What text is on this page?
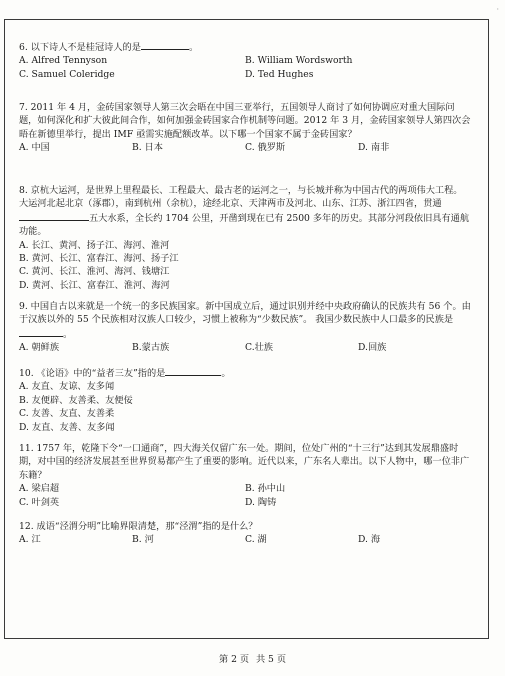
·

6. 以下诗人不是桂冠诗人的是	。

A. Alfred Tennyson	B. William Wordsworth
C. Samuel Coleridge	D. Ted Hughes

7. 2011 年 4 月，金砖国家领导人第三次会晤在中国三亚举行，五国领导人商讨了如何协调应对重大国际问题，如何深化和扩大彼此间合作，如何加强金砖国家合作机制等问题。2012 年 3 月，金砖国家领导人第四次会晤在新德里举行，提出 IMF 亟需实施配额改革。以下哪一个国家不属于金砖国家？

A. 中国	B. 日本	C. 俄罗斯	D. 南非

8. 京杭大运河，是世界上里程最长、工程最大、最古老的运河之一，与长城并称为中国古代的两项伟大工程。大运河北起北京（涿郡），南到杭州（余杭），途经北京、天津两市及河北、山东、江苏、浙江四省，贯通五大水系，全长约 1704 公里，开凿到现在已有 2500 多年的历史。其部分河段依旧具有通航功能。

A. 长江、黄河、扬子江、海河、淮河
B. 黄河、长江、富春江、海河、扬子江
C. 黄河、长江、淮河、海河、钱塘江
D. 黄河、长江、富春江、淮河、海河

9. 中国自古以来就是一个统一的多民族国家。新中国成立后，通过识别并经中央政府确认的民族共有 56 个。由于汉族以外的 55 个民族相对汉族人口较少，习惯上被称为“少数民族”。 我国少数民族中人口最多的民族是。

A. 朝鲜族	B.蒙古族	C.壮族	D.回族

10. 《论语》中的“益者三友”指的是	。

A. 友直、友谅、友多闻
B. 友便辟、友善柔、友便佞
C. 友善、友直、友善柔
D. 友直、友善、友多闻

11. 1757 年，乾隆下令“一口通商”，四大海关仅留广东一处。期间，位处广州的“十三行”达到其发展鼎盛时期，对中国的经济发展甚至世界贸易都产生了重要的影响。近代以来，广东名人辈出。以下人物中，哪一位非广东籍？

A. 梁启超	B. 孙中山
C. 叶剑英	D. 陶铸

12. 成语“泾渭分明”比喻界限清楚，那“泾渭”指的是什么？

A. 江	B. 河	C. 湖	D. 海
第 2 页 共 5 页
